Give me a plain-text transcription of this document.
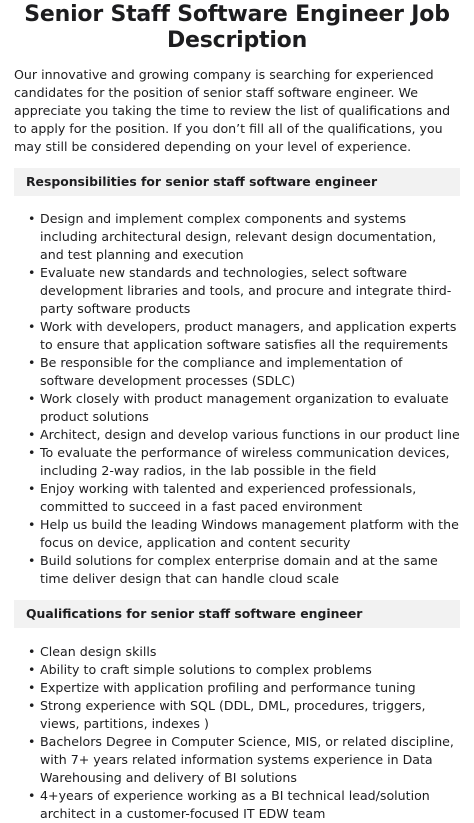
Senior Staff Software Engineer Job Description

Our innovative and growing company is searching for experienced candidates for the position of senior staff software engineer. We appreciate you taking the time to review the list of qualifications and to apply for the position. If you don’t fill all of the qualifications, you may still be considered depending on your level of experience.

Responsibilities for senior staff software engineer
• Design and implement complex components and systems including architectural design, relevant design documentation, and test planning and execution
• Evaluate new standards and technologies, select software development libraries and tools, and procure and integrate third-party software products
• Work with developers, product managers, and application experts to ensure that application software satisfies all the requirements
• Be responsible for the compliance and implementation of software development processes (SDLC)
• Work closely with product management organization to evaluate product solutions
• Architect, design and develop various functions in our product line
• To evaluate the performance of wireless communication devices, including 2-way radios, in the lab possible in the field
• Enjoy working with talented and experienced professionals, committed to succeed in a fast paced environment
• Help us build the leading Windows management platform with the focus on device, application and content security
• Build solutions for complex enterprise domain and at the same time deliver design that can handle cloud scale
Qualifications for senior staff software engineer
• Clean design skills
• Ability to craft simple solutions to complex problems
• Expertize with application profiling and performance tuning
• Strong experience with SQL (DDL, DML, procedures, triggers, views, partitions, indexes )
• Bachelors Degree in Computer Science, MIS, or related discipline, with 7+ years related information systems experience in Data Warehousing and delivery of BI solutions
• 4+years of experience working as a BI technical lead/solution architect in a customer-focused IT EDW team
